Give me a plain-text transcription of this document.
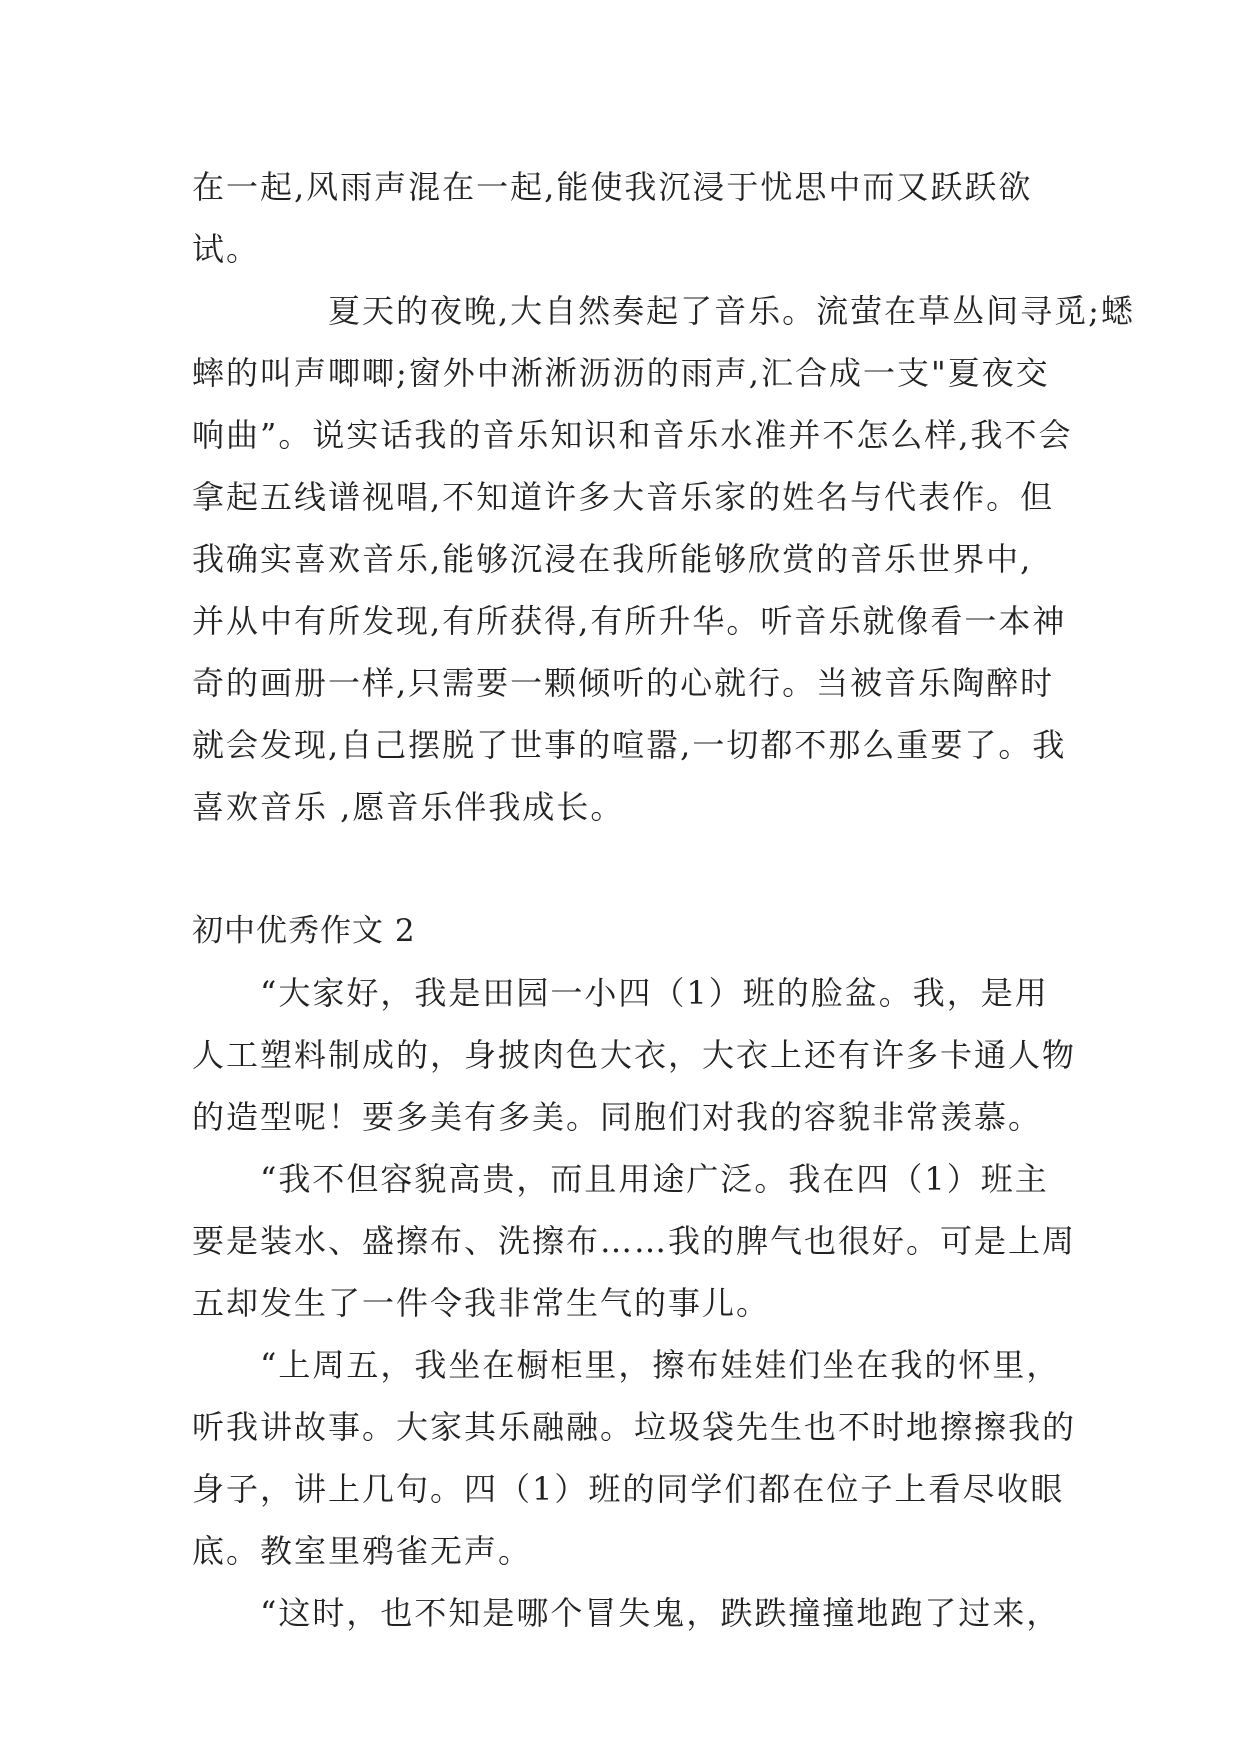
在一起,风雨声混在一起,能使我沉浸于忧思中而又跃跃欲
试。

夏天的夜晚,大自然奏起了音乐。流萤在草丛间寻觅;蟋
蟀的叫声唧唧;窗外中淅淅沥沥的雨声,汇合成一支"夏夜交
响曲”。说实话我的音乐知识和音乐水准并不怎么样,我不会
拿起五线谱视唱,不知道许多大音乐家的姓名与代表作。但
我确实喜欢音乐,能够沉浸在我所能够欣赏的音乐世界中,
并从中有所发现,有所获得,有所升华。听音乐就像看一本神
奇的画册一样,只需要一颗倾听的心就行。当被音乐陶醉时
就会发现,自己摆脱了世事的喧嚣,一切都不那么重要了。我
喜欢音乐 ,愿音乐伴我成长。

初中优秀作文 2

“大家好，我是田园一小四（1）班的脸盆。我，是用
人工塑料制成的，身披肉色大衣，大衣上还有许多卡通人物
的造型呢！要多美有多美。同胞们对我的容貌非常羡慕。

“我不但容貌高贵，而且用途广泛。我在四（1）班主
要是装水、盛擦布、洗擦布……我的脾气也很好。可是上周
五却发生了一件令我非常生气的事儿。

“上周五，我坐在橱柜里，擦布娃娃们坐在我的怀里，
听我讲故事。大家其乐融融。垃圾袋先生也不时地擦擦我的
身子，讲上几句。四（1）班的同学们都在位子上看尽收眼
底。教室里鸦雀无声。

“这时，也不知是哪个冒失鬼，跌跌撞撞地跑了过来，
